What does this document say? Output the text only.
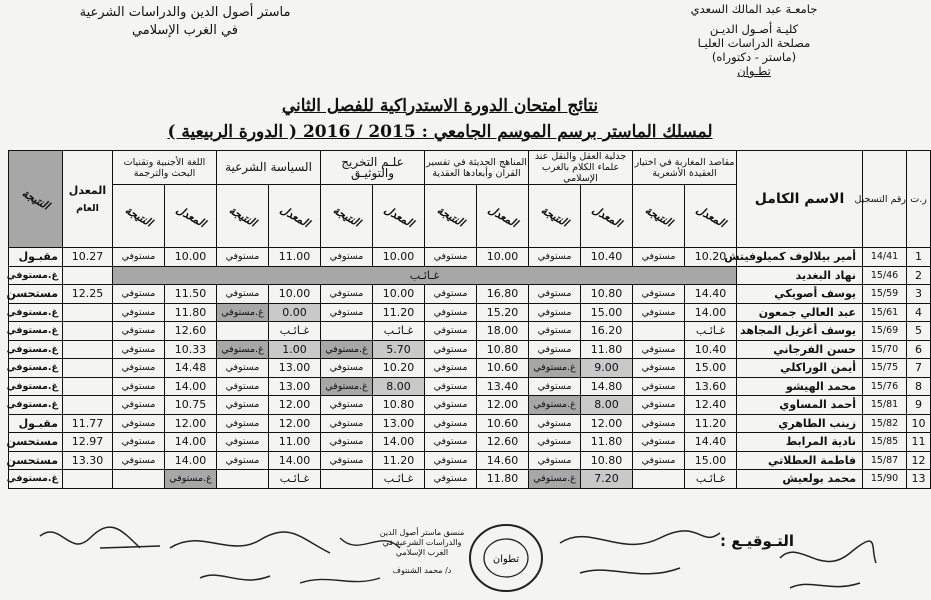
جامعـة عبد المالك السعدي
كليـة أصـول الديـن
مصلحة الدراسات العليـا
(ماستر - دكتوراه)
تطـوان
ماستر أصول الدين والدراسات الشرعية
في الغرب الإسلامي
نتائج امتحان الدورة الاستدراكية للفصل الثاني
لمسلك الماستر برسم الموسم الجامعي : 2015 / 2016 ( الدورة الربيعية )
ر.ت	رقم التسجيل	الاسم الكامل	مقاصد المغاربة في اختيار العقيدة الأشعرية		جدلية العقل والنقل عند علماء الكلام بالغرب الإسلامي		المناهج الحديثة في تفسير القرآن وأبعادها العقدية		علـم التخريج والتوثيـق		السياسة الشرعية		اللغة الأجنبية وتقنيات البحث والترجمة		المعدل
العام	النتيجة
			المعدل	النتيجة	المعدل	النتيجة	المعدل	النتيجة	المعدل	النتيجة	المعدل	النتيجة	المعدل	النتيجة		
1	14/41	أمير بيلالوف كميلوفيتش	10.20	مستوفي	10.40	مستوفي	10.00	مستوفي	10.00	مستوفي	11.00	مستوفي	10.00	مستوفي	10.27	مقبـول
2	15/46	نهاد البغديد	غـائـب													غ.مستوفي
3	15/59	يوسف أصويكي	14.40	مستوفي	10.80	مستوفي	16.80	مستوفي	10.00	مستوفي	10.00	مستوفي	11.50	مستوفي	12.25	مستحسن
4	15/61	عبد العالي جمعون	14.00	مستوفي	15.00	مستوفي	15.20	مستوفي	11.20	مستوفي	0.00	غ.مستوفي	11.80	مستوفي		غ.مستوفي
5	15/69	يوسف أغزيل المجاهد	غـائـب		16.20	مستوفي	18.00	مستوفي	غـائـب		غـائـب		12.60	مستوفي		غ.مستوفي
6	15/70	حسن الفرجاني	10.40	مستوفي	11.80	مستوفي	10.80	مستوفي	5.70	غ.مستوفي	1.00	غ.مستوفي	10.33	مستوفي		غ.مستوفي
7	15/75	أيمن الوراكلي	15.00	مستوفي	9.00	غ.مستوفي	10.60	مستوفي	10.20	مستوفي	13.00	مستوفي	14.48	مستوفي		غ.مستوفي
8	15/76	محمد الهيشو	13.60	مستوفي	14.80	مستوفي	13.40	مستوفي	8.00	غ.مستوفي	13.00	مستوفي	14.00	مستوفي		غ.مستوفي
9	15/81	أحمد المساوي	12.40	مستوفي	8.00	غ.مستوفي	12.00	مستوفي	10.80	مستوفي	12.00	مستوفي	10.75	مستوفي		غ.مستوفي
10	15/82	زينب الطاهري	11.20	مستوفي	12.00	مستوفي	10.60	مستوفي	13.00	مستوفي	12.00	مستوفي	12.00	مستوفي	11.77	مقبـول
11	15/85	نادية المرابط	14.40	مستوفي	11.80	مستوفي	12.60	مستوفي	14.00	مستوفي	11.00	مستوفي	14.00	مستوفي	12.97	مستحسن
12	15/87	فاطمة العطلاتي	15.00	مستوفي	10.80	مستوفي	14.60	مستوفي	11.20	مستوفي	14.00	مستوفي	14.00	مستوفي	13.30	مستحسن
13	15/90	محمد بولعيش	غـائـب		7.20	غ.مستوفي	11.80	مستوفي	غـائـب		غـائـب		غ.مستوفي			غ.مستوفي
التـوقيـع :
منسق ماستر أصول الدين
والدراسات الشرعية في
الغرب الإسلامي
د/ محمد الشنتوف
تطوان
